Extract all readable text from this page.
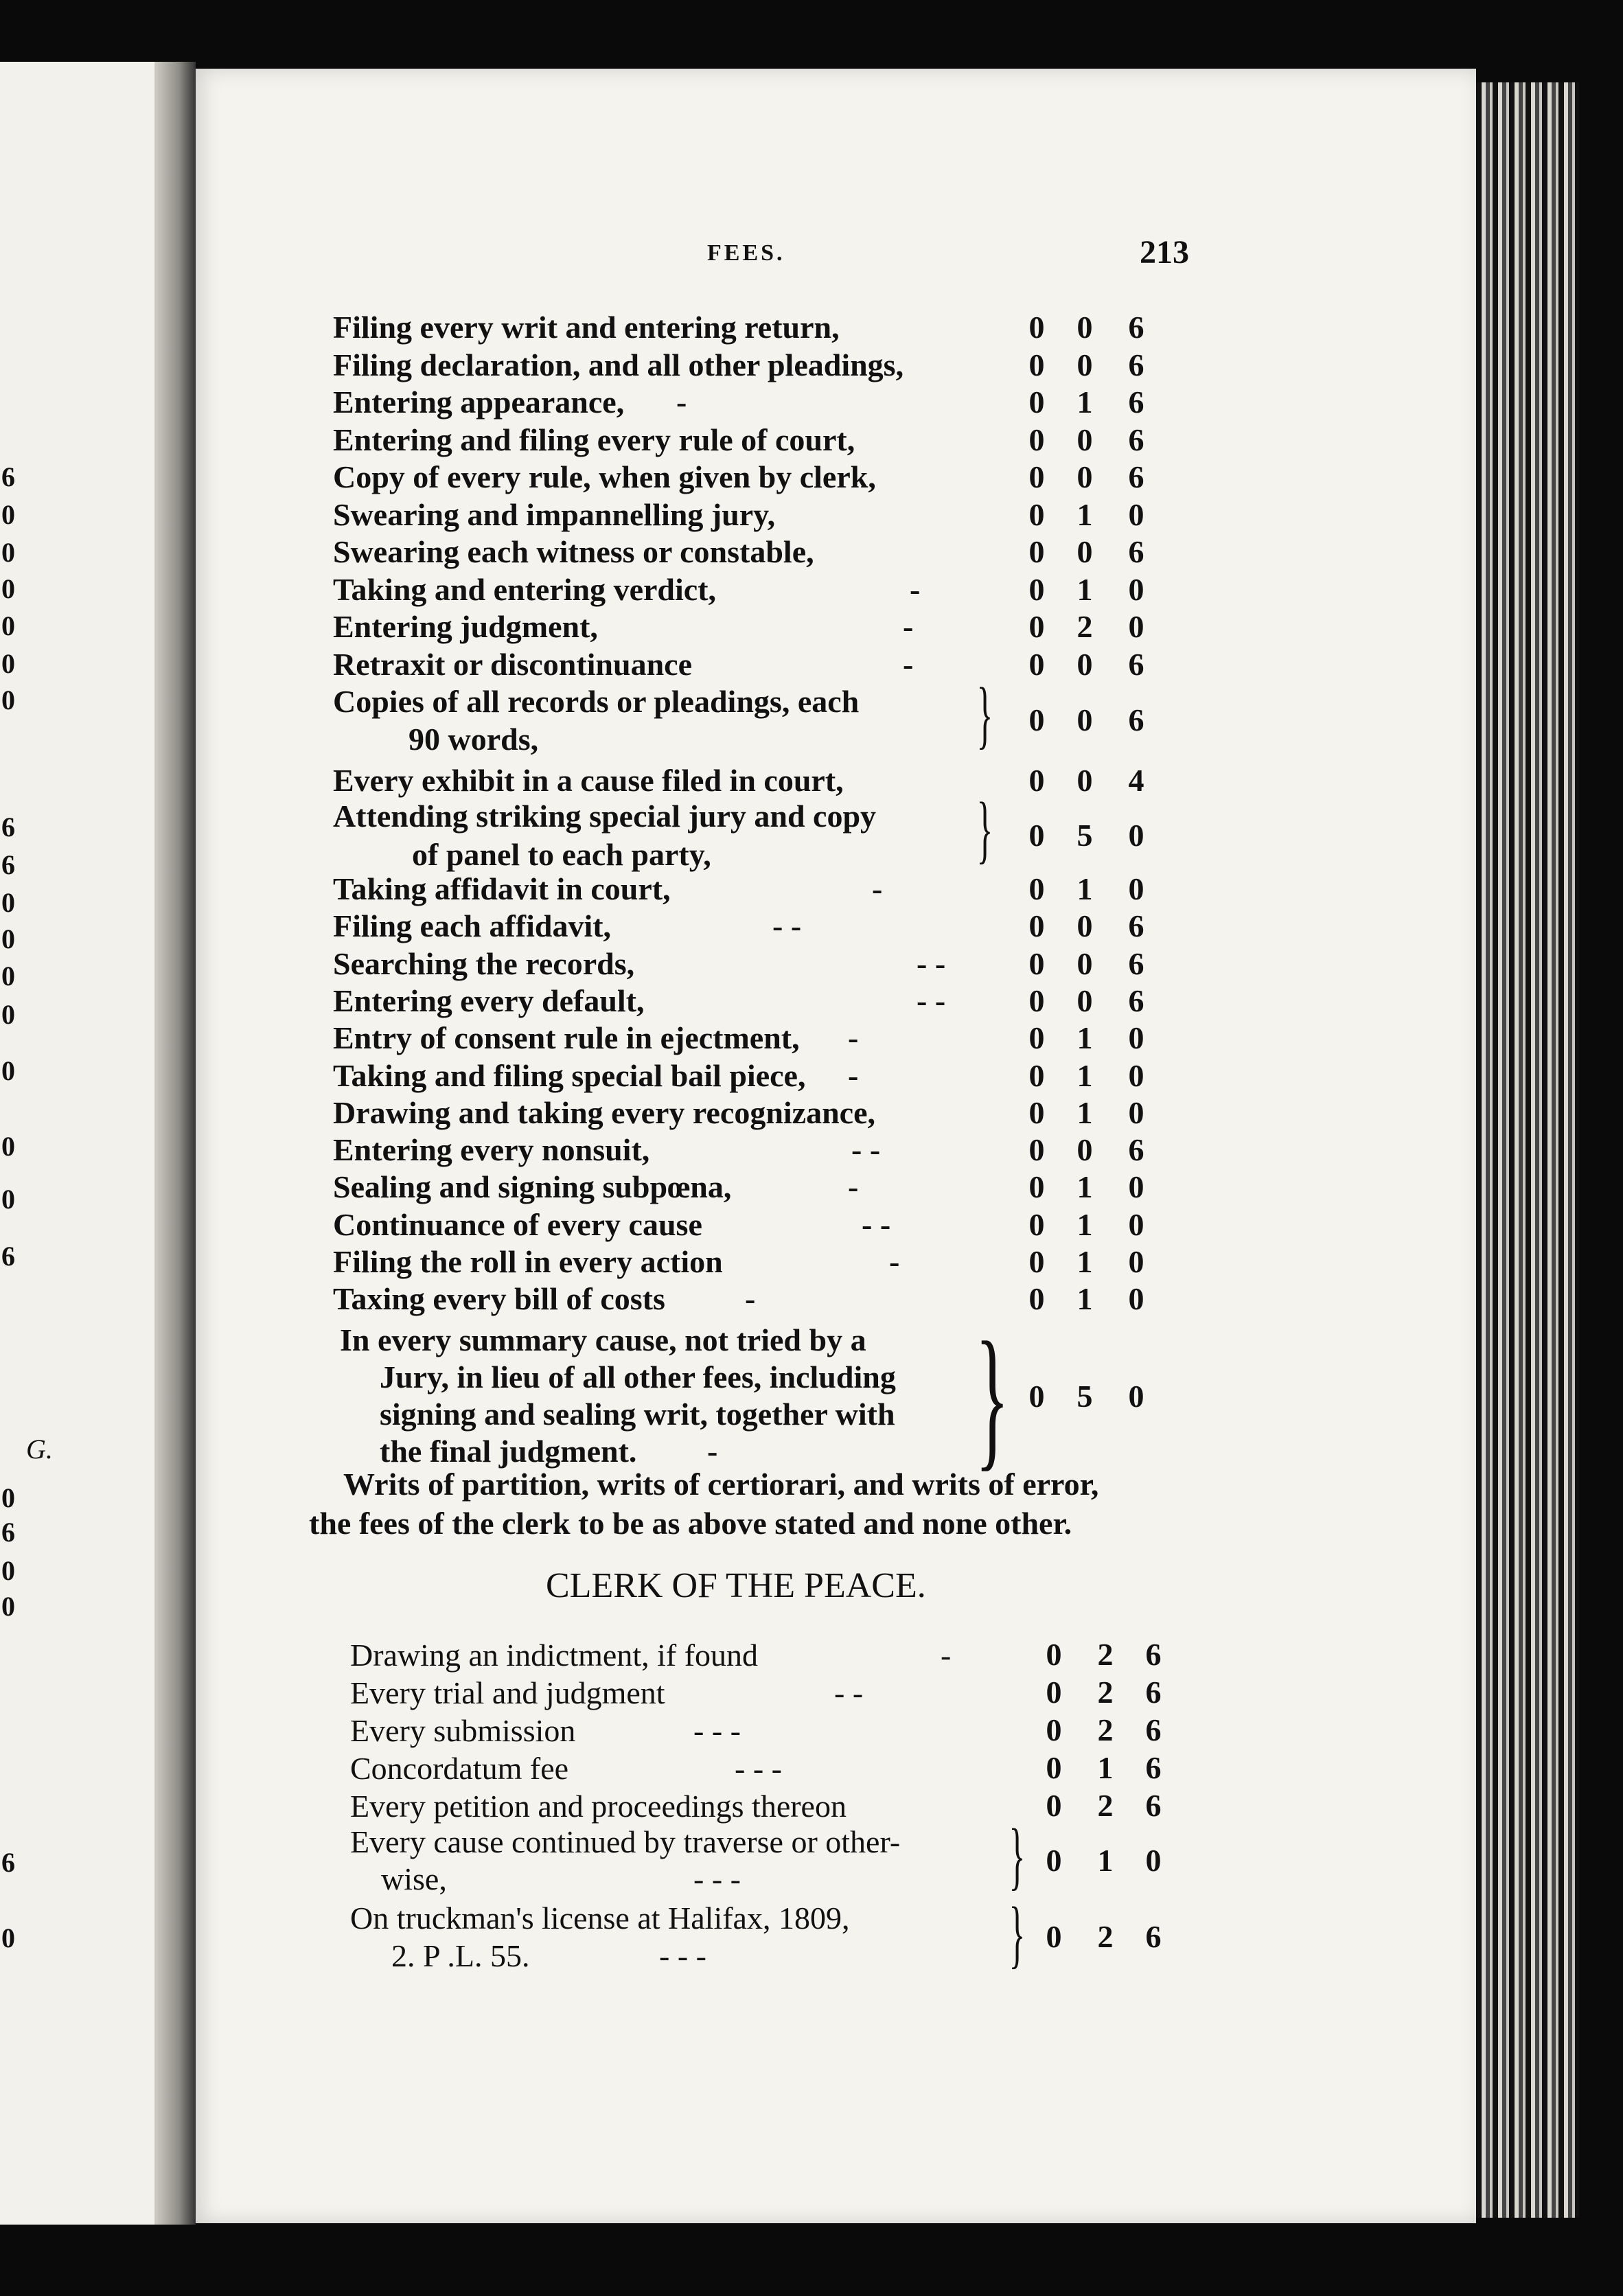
6
0
0
0
0
0
0
6
6
0
0
0
0
0
0
0
6
0
6
0
0
6
0
G.
FEES.	213
Filing every writ and entering return,	0 0 6
Filing declaration, and all other pleadings,	0 0 6
Entering appearance, -	0 1 6
Entering and filing every rule of court,	0 0 6
Copy of every rule, when given by clerk,	0 0 6
Swearing and impannelling jury,	0 1 0
Swearing each witness or constable,	0 0 6
Taking and entering verdict,	-	0 1 0
Entering judgment,	-	0 2 0
Retraxit or discontinuance	-	0 0 6
Copies of all records or pleadings, each
90 words,	} 0 0 6
Every exhibit in a cause filed in court,	0 0 4
Attending striking special jury and copy
of panel to each party,	} 0 5 0
Taking affidavit in court,	-	0 1 0
Filing each affidavit,	- -	0 0 6
Searching the records,	- -	0 0 6
Entering every default,	- -	0 0 6
Entry of consent rule in ejectment, -	0 1 0
Taking and filing special bail piece, -	0 1 0
Drawing and taking every recognizance,	0 1 0
Entering every nonsuit,	- -	0 0 6
Sealing and signing subpœna,	-	0 1 0
Continuance of every cause	- -	0 1 0
Filing the roll in every action	-	0 1 0
Taxing every bill of costs	-	0 1 0
In every summary cause, not tried by a
Jury, in lieu of all other fees, including
signing and sealing writ, together with
the final judgment.	- } 0 5 0
Writs of partition, writs of certiorari, and writs of error,
the fees of the clerk to be as above stated and none other.
CLERK OF THE PEACE.
Drawing an indictment, if found	-	0 2 6
Every trial and judgment	- -	0 2 6
Every submission	- - -	0 2 6
Concordatum fee	- - -	0 1 6
Every petition and proceedings thereon	0 2 6
Every cause continued by traverse or other-
wise,	- - -	} 0 1 0
On truckman's license at Halifax, 1809,
2. P .L. 55.	- - -	} 0 2 6
